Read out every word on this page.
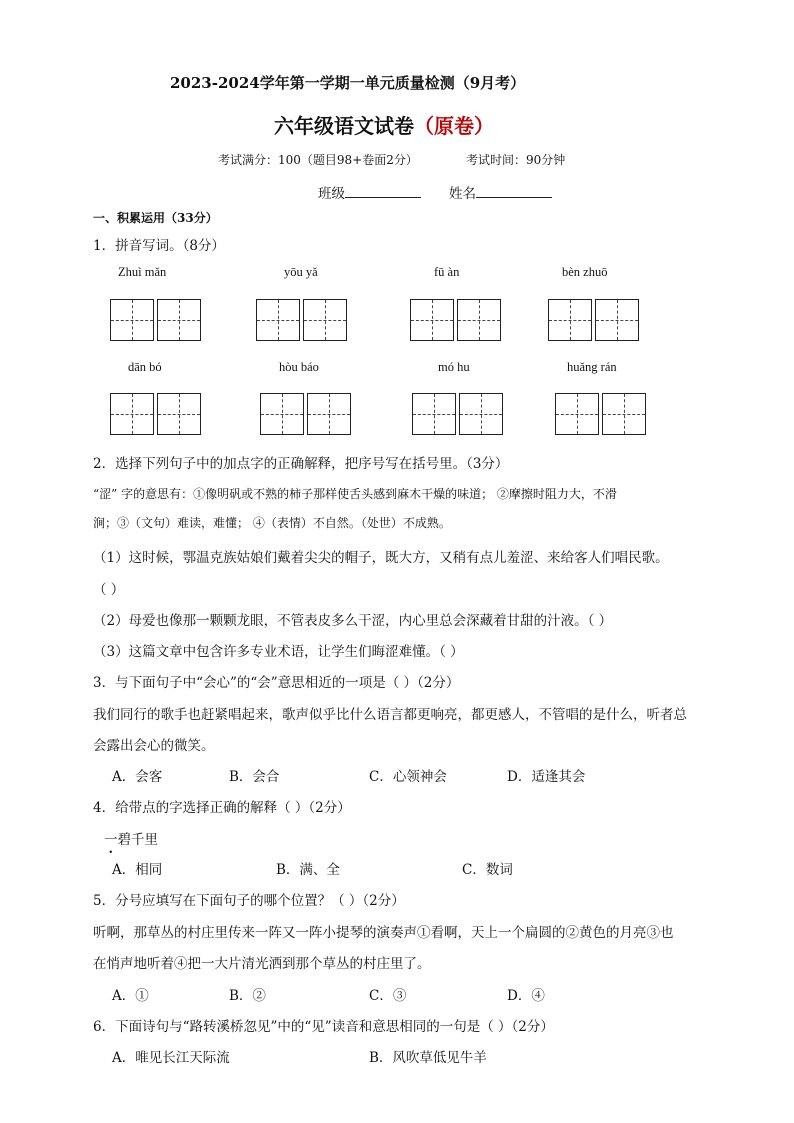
2023-2024学年第一学期一单元质量检测（9月考）
六年级语文试卷（原卷）
考试满分：100（题目98+卷面2分）	考试时间：90分钟
班级	姓名
一、积累运用（33分）
1．拼音写词。（8分）
Zhuì mǎn	yōu yǎ	fū àn	bèn zhuō
dān bó	hòu báo	mó hu	huǎng rán
2．选择下列句子中的加点字的正确解释，把序号写在括号里。（3分）
“涩” 字的意思有：①像明矾或不熟的柿子那样使舌头感到麻木干燥的味道； ②摩擦时阻力大，不滑
涧；③（文句）难读，难懂； ④（表情）不自然。（处世）不成熟。
（1）这时候，鄂温克族姑娘们戴着尖尖的帽子，既大方，又稍有点儿羞涩、来给客人们唱民歌。
（ ）
（2）母爱也像那一颗颗龙眼，不管表皮多么干涩，内心里总会深藏着甘甜的汁液。（ ）
（3）这篇文章中包含许多专业术语，让学生们晦涩难懂。（ ）
3．与下面句子中“会心”的“会”意思相近的一项是（ ）（2分）
我们同行的歌手也赶紧唱起来，歌声似乎比什么语言都更响亮，都更感人，不管唱的是什么，听者总
会露出会心的微笑。
A．会客	B．会合	C．心领神会	D．适逢其会
4．给带点的字选择正确的解释（ ）（2分）
一碧千里
A．相同	B．满、全	C．数词
5．分号应填写在下面句子的哪个位置？（ ）（2分）
听啊，那草丛的村庄里传来一阵又一阵小提琴的演奏声①看啊，天上一个扁圆的②黄色的月亮③也
在悄声地听着④把一大片清光洒到那个草丛的村庄里了。
A．①	B．②	C．③	D．④
6．下面诗句与“路转溪桥忽见”中的“见”读音和意思相同的一句是（ ）（2分）
A．唯见长江天际流	B．风吹草低见牛羊
